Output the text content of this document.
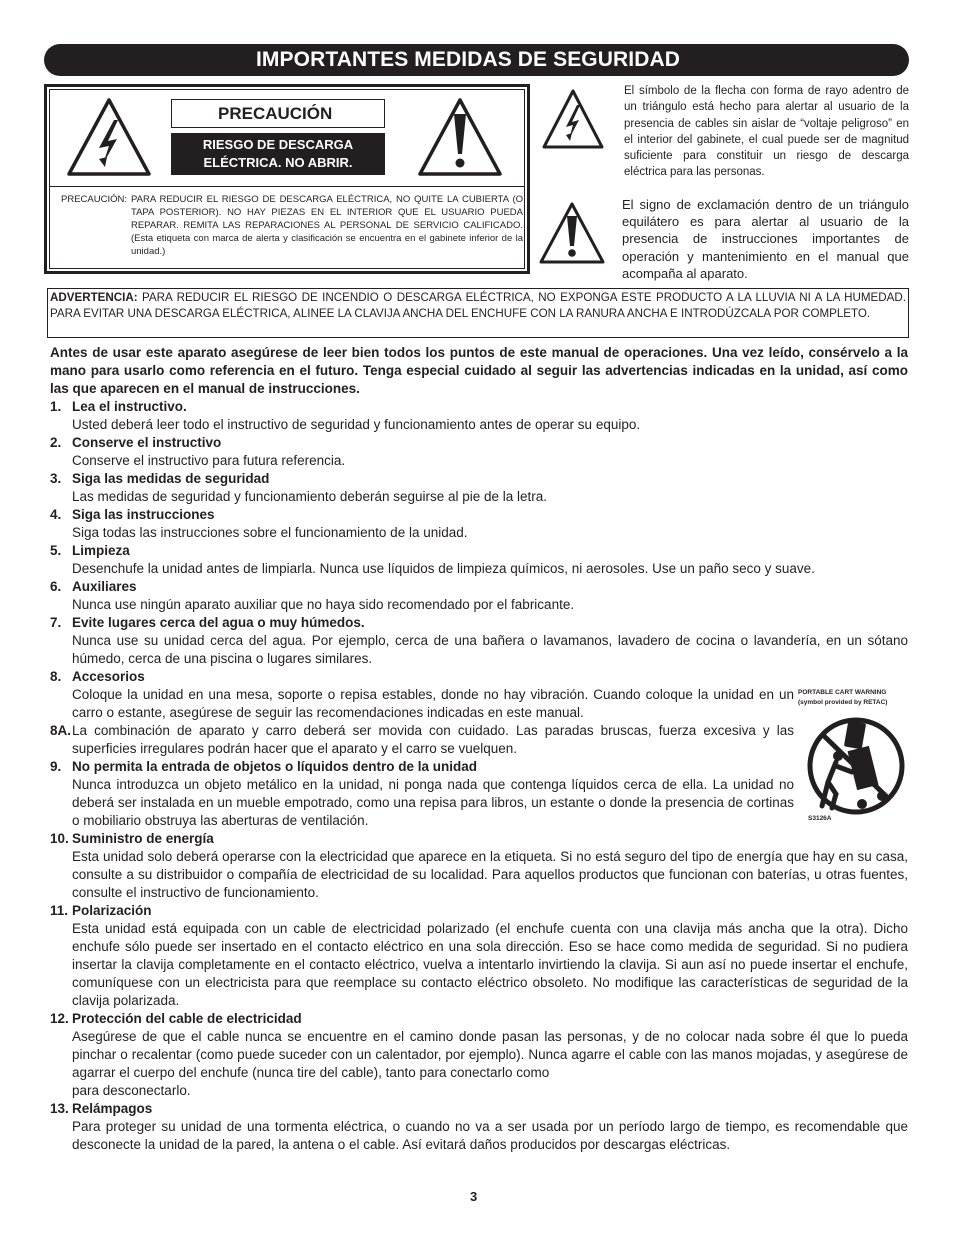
IMPORTANTES MEDIDAS DE SEGURIDAD
PRECAUCIÓN
RIESGO DE DESCARGA
ELÉCTRICA. NO ABRIR.
PRECAUCIÓN: PARA REDUCIR EL RIESGO DE DESCARGA ELÉCTRICA, NO QUITE LA CUBIERTA (O TAPA POSTERIOR). NO HAY PIEZAS EN EL INTERIOR QUE EL USUARIO PUEDA REPARAR. REMITA LAS REPARACIONES AL PERSONAL DE SERVICIO CALIFICADO. (Esta etiqueta con marca de alerta y clasificación se encuentra en el gabinete inferior de la unidad.)
El símbolo de la flecha con forma de rayo adentro de un triángulo está hecho para alertar al usuario de la presencia de cables sin aislar de “voltaje peligroso” en el interior del gabinete, el cual puede ser de magnitud suficiente para constituir un riesgo de descarga eléctrica para las personas.
El signo de exclamación dentro de un triángulo equilátero es para alertar al usuario de la presencia de instrucciones importantes de operación y mantenimiento en el manual que acompaña al aparato.
ADVERTENCIA: PARA REDUCIR EL RIESGO DE INCENDIO O DESCARGA ELÉCTRICA, NO EXPONGA ESTE PRODUCTO A LA LLUVIA NI A LA HUMEDAD. PARA EVITAR UNA DESCARGA ELÉCTRICA, ALINEE LA CLAVIJA ANCHA DEL ENCHUFE CON LA RANURA ANCHA E INTRODÚZCALA POR COMPLETO.
Antes de usar este aparato asegúrese de leer bien todos los puntos de este manual de operaciones. Una vez leído, consérvelo a la mano para usarlo como referencia en el futuro. Tenga especial cuidado al seguir las advertencias indicadas en la unidad, así como las que aparecen en el manual de instrucciones.
1. Lea el instructivo.
Usted deberá leer todo el instructivo de seguridad y funcionamiento antes de operar su equipo.
2. Conserve el instructivo
Conserve el instructivo para futura referencia.
3. Siga las medidas de seguridad
Las medidas de seguridad y funcionamiento deberán seguirse al pie de la letra.
4. Siga las instrucciones
Siga todas las instrucciones sobre el funcionamiento de la unidad.
5. Limpieza
Desenchufe la unidad antes de limpiarla. Nunca use líquidos de limpieza químicos, ni aerosoles. Use un paño seco y suave.
6. Auxiliares
Nunca use ningún aparato auxiliar que no haya sido recomendado por el fabricante.
7. Evite lugares cerca del agua o muy húmedos.
Nunca use su unidad cerca del agua. Por ejemplo, cerca de una bañera o lavamanos, lavadero de cocina o lavandería, en un sótano húmedo, cerca de una piscina o lugares similares.
8. Accesorios
Coloque la unidad en una mesa, soporte o repisa estables, donde no hay vibración. Cuando coloque la unidad en un carro o estante, asegúrese de seguir las recomendaciones indicadas en este manual.
8A. La combinación de aparato y carro deberá ser movida con cuidado. Las paradas bruscas, fuerza excesiva y las superficies irregulares podrán hacer que el aparato y el carro se vuelquen.
9. No permita la entrada de objetos o líquidos dentro de la unidad
Nunca introduzca un objeto metálico en la unidad, ni ponga nada que contenga líquidos cerca de ella. La unidad no deberá ser instalada en un mueble empotrado, como una repisa para libros, un estante o donde la presencia de cortinas o mobiliario obstruya las aberturas de ventilación.
10. Suministro de energía
Esta unidad solo deberá operarse con la electricidad que aparece en la etiqueta. Si no está seguro del tipo de energía que hay en su casa, consulte a su distribuidor o compañía de electricidad de su localidad. Para aquellos productos que funcionan con baterías, u otras fuentes, consulte el instructivo de funcionamiento.
11. Polarización
Esta unidad está equipada con un cable de electricidad polarizado (el enchufe cuenta con una clavija más ancha que la otra). Dicho enchufe sólo puede ser insertado en el contacto eléctrico en una sola dirección. Eso se hace como medida de seguridad. Si no pudiera insertar la clavija completamente en el contacto eléctrico, vuelva a intentarlo invirtiendo la clavija. Si aun así no puede insertar el enchufe, comuníquese con un electricista para que reemplace su contacto eléctrico obsoleto. No modifique las características de seguridad de la clavija polarizada.
12. Protección del cable de electricidad
Asegúrese de que el cable nunca se encuentre en el camino donde pasan las personas, y de no colocar nada sobre él que lo pueda pinchar o recalentar (como puede suceder con un calentador, por ejemplo). Nunca agarre el cable con las manos mojadas, y asegúrese de agarrar el cuerpo del enchufe (nunca tire del cable), tanto para conectarlo como
para desconectarlo.
13. Relámpagos
Para proteger su unidad de una tormenta eléctrica, o cuando no va a ser usada por un período largo de tiempo, es recomendable que desconecte la unidad de la pared, la antena o el cable. Así evitará daños producidos por descargas eléctricas.
PORTABLE CART WARNING
(symbol provided by RETAC)
S3126A
3
